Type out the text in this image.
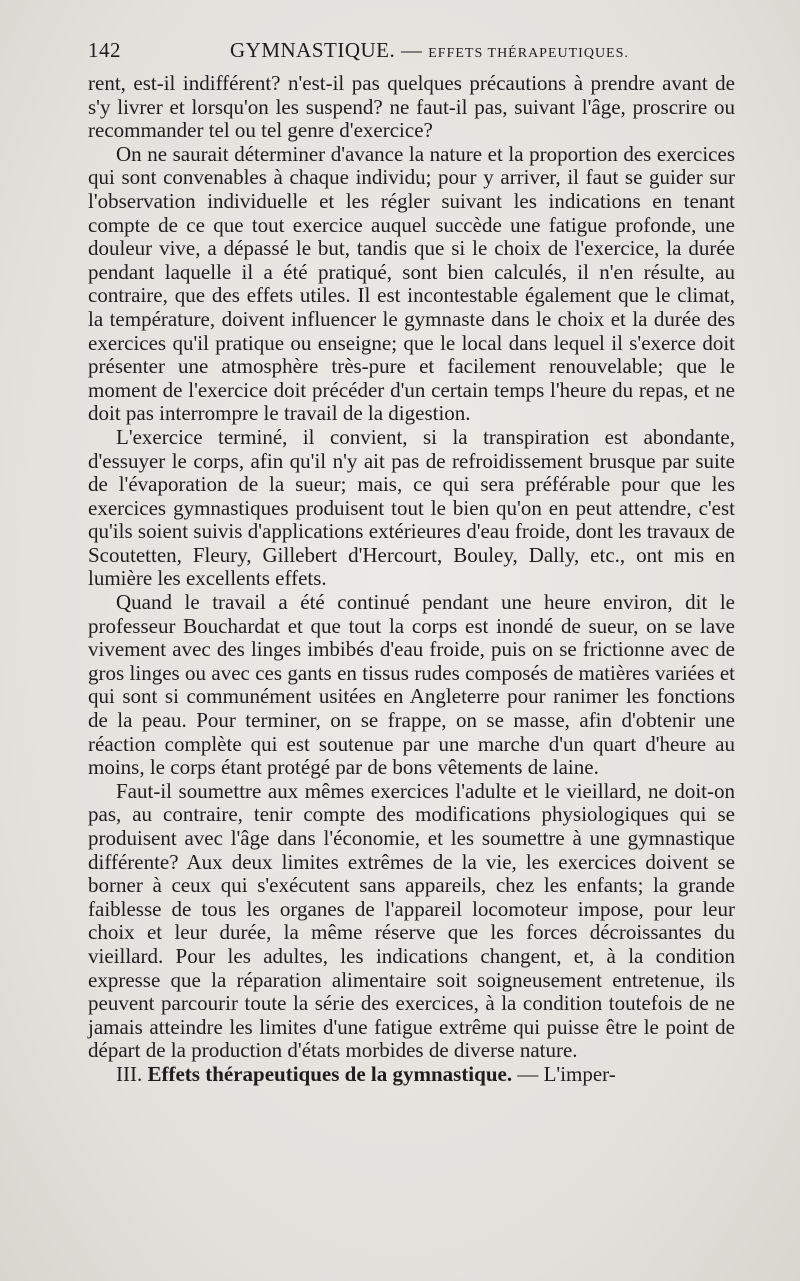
142	GYMNASTIQUE. — EFFETS THÉRAPEUTIQUES.

rent, est-il indifférent? n'est-il pas quelques précautions à prendre avant de s'y livrer et lorsqu'on les suspend? ne faut-il pas, suivant l'âge, proscrire ou recommander tel ou tel genre d'exercice?

On ne saurait déterminer d'avance la nature et la proportion des exercices qui sont convenables à chaque individu; pour y arriver, il faut se guider sur l'observation individuelle et les régler suivant les indications en tenant compte de ce que tout exercice auquel succède une fatigue profonde, une douleur vive, a dépassé le but, tandis que si le choix de l'exercice, la durée pendant laquelle il a été pratiqué, sont bien calculés, il n'en résulte, au contraire, que des effets utiles. Il est incontestable également que le climat, la température, doivent influencer le gymnaste dans le choix et la durée des exercices qu'il pratique ou enseigne; que le local dans lequel il s'exerce doit présenter une atmosphère très-pure et facilement renouvelable; que le moment de l'exercice doit précéder d'un certain temps l'heure du repas, et ne doit pas interrompre le travail de la digestion.

L'exercice terminé, il convient, si la transpiration est abondante, d'essuyer le corps, afin qu'il n'y ait pas de refroidissement brusque par suite de l'évaporation de la sueur; mais, ce qui sera préférable pour que les exercices gymnastiques produisent tout le bien qu'on en peut attendre, c'est qu'ils soient suivis d'applications extérieures d'eau froide, dont les travaux de Scoutetten, Fleury, Gillebert d'Hercourt, Bouley, Dally, etc., ont mis en lumière les excellents effets.

Quand le travail a été continué pendant une heure environ, dit le professeur Bouchardat et que tout la corps est inondé de sueur, on se lave vivement avec des linges imbibés d'eau froide, puis on se frictionne avec de gros linges ou avec ces gants en tissus rudes composés de matières variées et qui sont si communément usitées en Angleterre pour ranimer les fonctions de la peau. Pour terminer, on se frappe, on se masse, afin d'obtenir une réaction complète qui est soutenue par une marche d'un quart d'heure au moins, le corps étant protégé par de bons vêtements de laine.

Faut-il soumettre aux mêmes exercices l'adulte et le vieillard, ne doit-on pas, au contraire, tenir compte des modifications physiologiques qui se produisent avec l'âge dans l'économie, et les soumettre à une gymnastique différente? Aux deux limites extrêmes de la vie, les exercices doivent se borner à ceux qui s'exécutent sans appareils, chez les enfants; la grande faiblesse de tous les organes de l'appareil locomoteur impose, pour leur choix et leur durée, la même réserve que les forces décroissantes du vieillard. Pour les adultes, les indications changent, et, à la condition expresse que la réparation alimentaire soit soigneusement entretenue, ils peuvent parcourir toute la série des exercices, à la condition toutefois de ne jamais atteindre les limites d'une fatigue extrême qui puisse être le point de départ de la production d'états morbides de diverse nature.

III. Effets thérapeutiques de la gymnastique. — L'imper-
